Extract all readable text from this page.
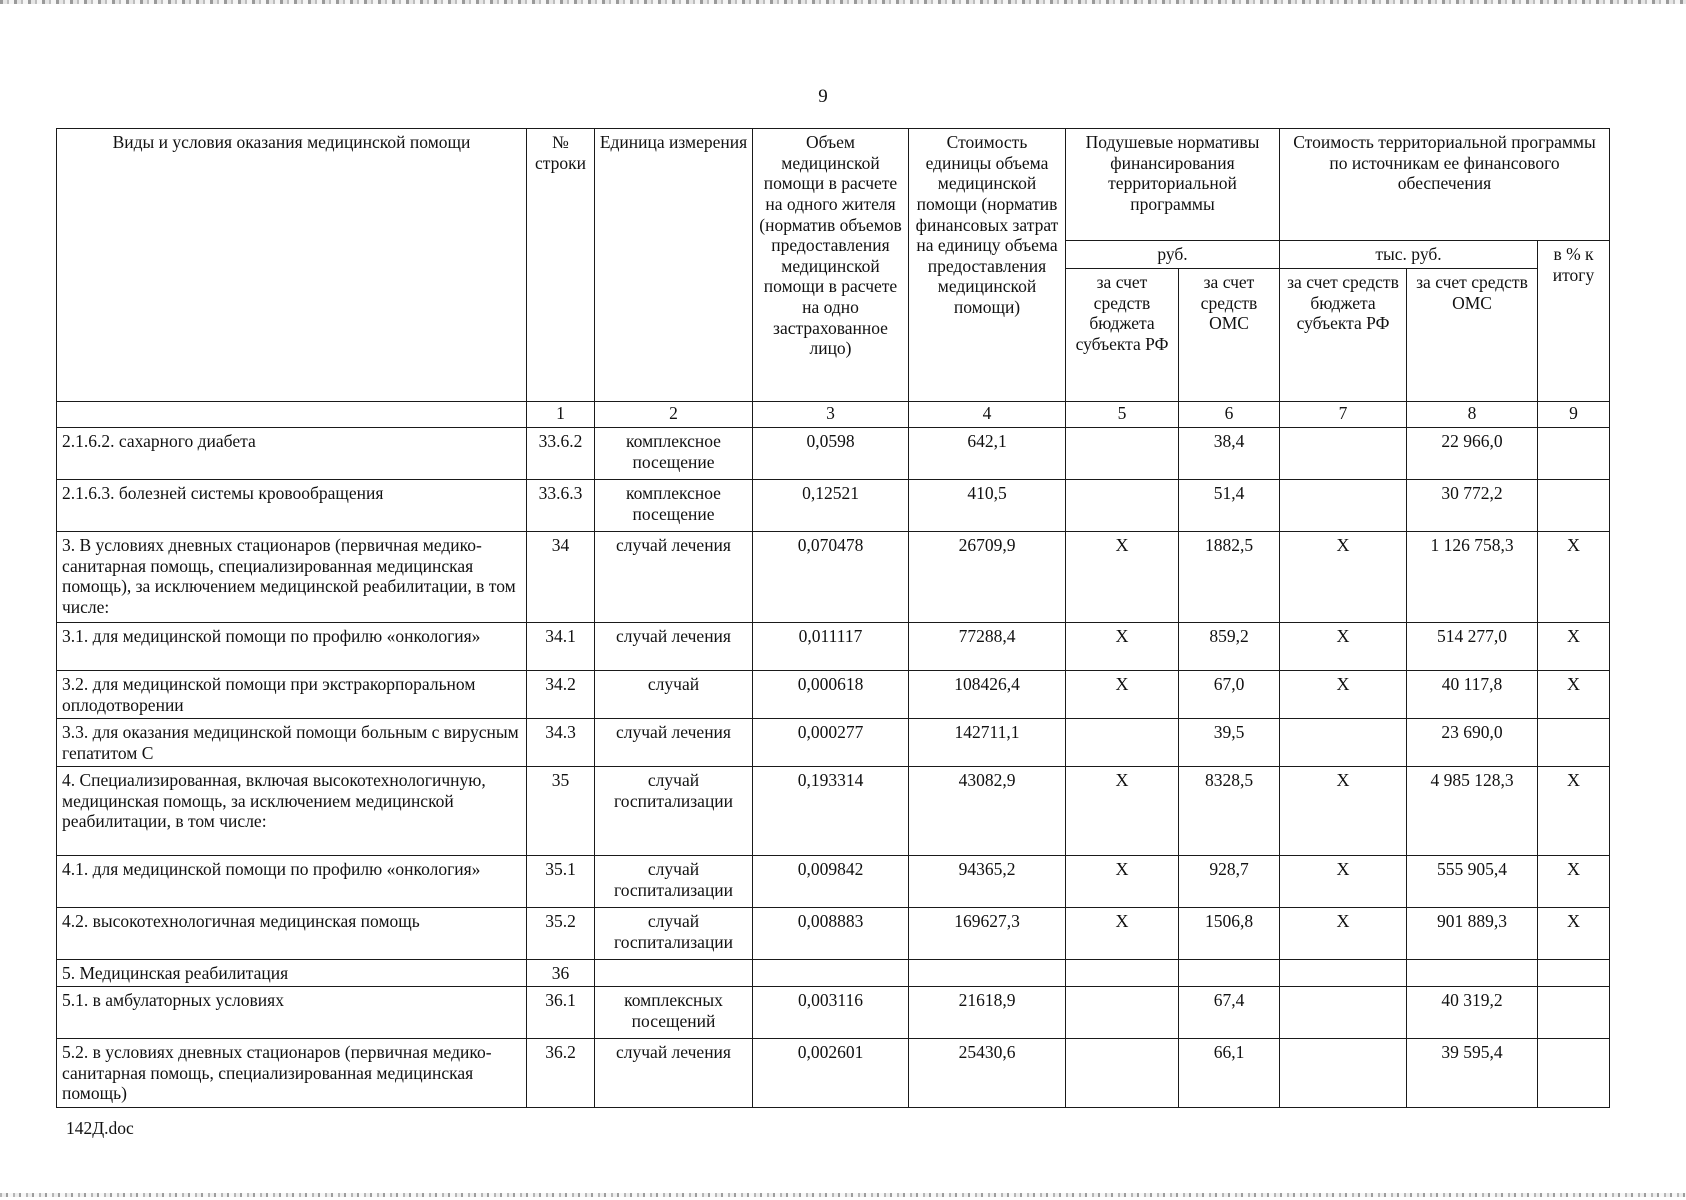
9
Виды и условия оказания медицинской помощи	№ строки	Единица измерения	Объем медицинской помощи в расчете на одного жителя (норматив объемов предоставления медицинской помощи в расчете на одно застрахованное лицо)	Стоимость единицы объема медицинской помощи (норматив финансовых затрат на единицу объема предоставления медицинской помощи)	Подушевые нормативы финансирования территориальной программы		Стоимость территориальной программы по источникам ее финансового обеспечения		
					руб.		тыс. руб.		в % к итогу
					за счет средств бюджета субъекта РФ	за счет средств ОМС	за счет средств бюджета субъекта РФ	за счет средств ОМС	
	1	2	3	4	5	6	7	8	9
2.1.6.2. сахарного диабета	33.6.2	комплексное посещение	0,0598	642,1		38,4		22 966,0	
2.1.6.3. болезней системы кровообращения	33.6.3	комплексное посещение	0,12521	410,5		51,4		30 772,2	
3. В условиях дневных стационаров (первичная медико-санитарная помощь, специализированная медицинская помощь), за исключением медицинской реабилитации, в том числе:	34	случай лечения	0,070478	26709,9	Х	1882,5	Х	1 126 758,3	Х
3.1. для медицинской помощи по профилю «онкология»	34.1	случай лечения	0,011117	77288,4	Х	859,2	Х	514 277,0	Х
3.2. для медицинской помощи при экстракорпоральном оплодотворении	34.2	случай	0,000618	108426,4	Х	67,0	Х	40 117,8	Х
3.3. для оказания медицинской помощи больным с вирусным гепатитом С	34.3	случай лечения	0,000277	142711,1		39,5		23 690,0	
4. Специализированная, включая высокотехнологичную, медицинская помощь, за исключением медицинской реабилитации, в том числе:	35	случай госпитализации	0,193314	43082,9	Х	8328,5	Х	4 985 128,3	Х
4.1. для медицинской помощи по профилю «онкология»	35.1	случай госпитализации	0,009842	94365,2	Х	928,7	Х	555 905,4	Х
4.2. высокотехнологичная медицинская помощь	35.2	случай госпитализации	0,008883	169627,3	Х	1506,8	Х	901 889,3	Х
5. Медицинская реабилитация	36								
5.1. в амбулаторных условиях	36.1	комплексных посещений	0,003116	21618,9		67,4		40 319,2	
5.2. в условиях дневных стационаров (первичная медико-санитарная помощь, специализированная медицинская помощь)	36.2	случай лечения	0,002601	25430,6		66,1		39 595,4	
142Д.doc
